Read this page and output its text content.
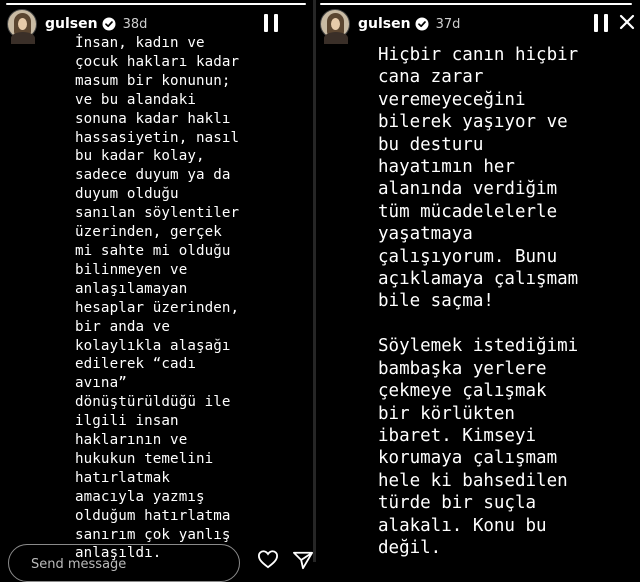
gulsen 38d
İnsan, kadın ve
çocuk hakları kadar
masum bir konunun;
ve bu alandaki
sonuna kadar haklı
hassasiyetin, nasıl
bu kadar kolay,
sadece duyum ya da
duyum olduğu
sanılan söylentiler
üzerinden, gerçek
mi sahte mi olduğu
bilinmeyen ve
anlaşılamayan
hesaplar üzerinden,
bir anda ve
kolaylıkla alaşağı
edilerek “cadı
avına”
dönüştürüldüğü ile
ilgili insan
haklarının ve
hukukun temelini
hatırlatmak
amacıyla yazmış
olduğum hatırlatma
sanırım çok yanlış
anlaşıldı.
Send message
gulsen 37d
Hiçbir canın hiçbir
cana zarar
veremeyeceğini
bilerek yaşıyor ve
bu desturu
hayatımın her
alanında verdiğim
tüm mücadelelerle
yaşatmaya
çalışıyorum. Bunu
açıklamaya çalışmam
bile saçma!

Söylemek istediğimi
bambaşka yerlere
çekmeye çalışmak
bir körlükten
ibaret. Kimseyi
korumaya çalışmam
hele ki bahsedilen
türde bir suçla
alakalı. Konu bu
değil.
